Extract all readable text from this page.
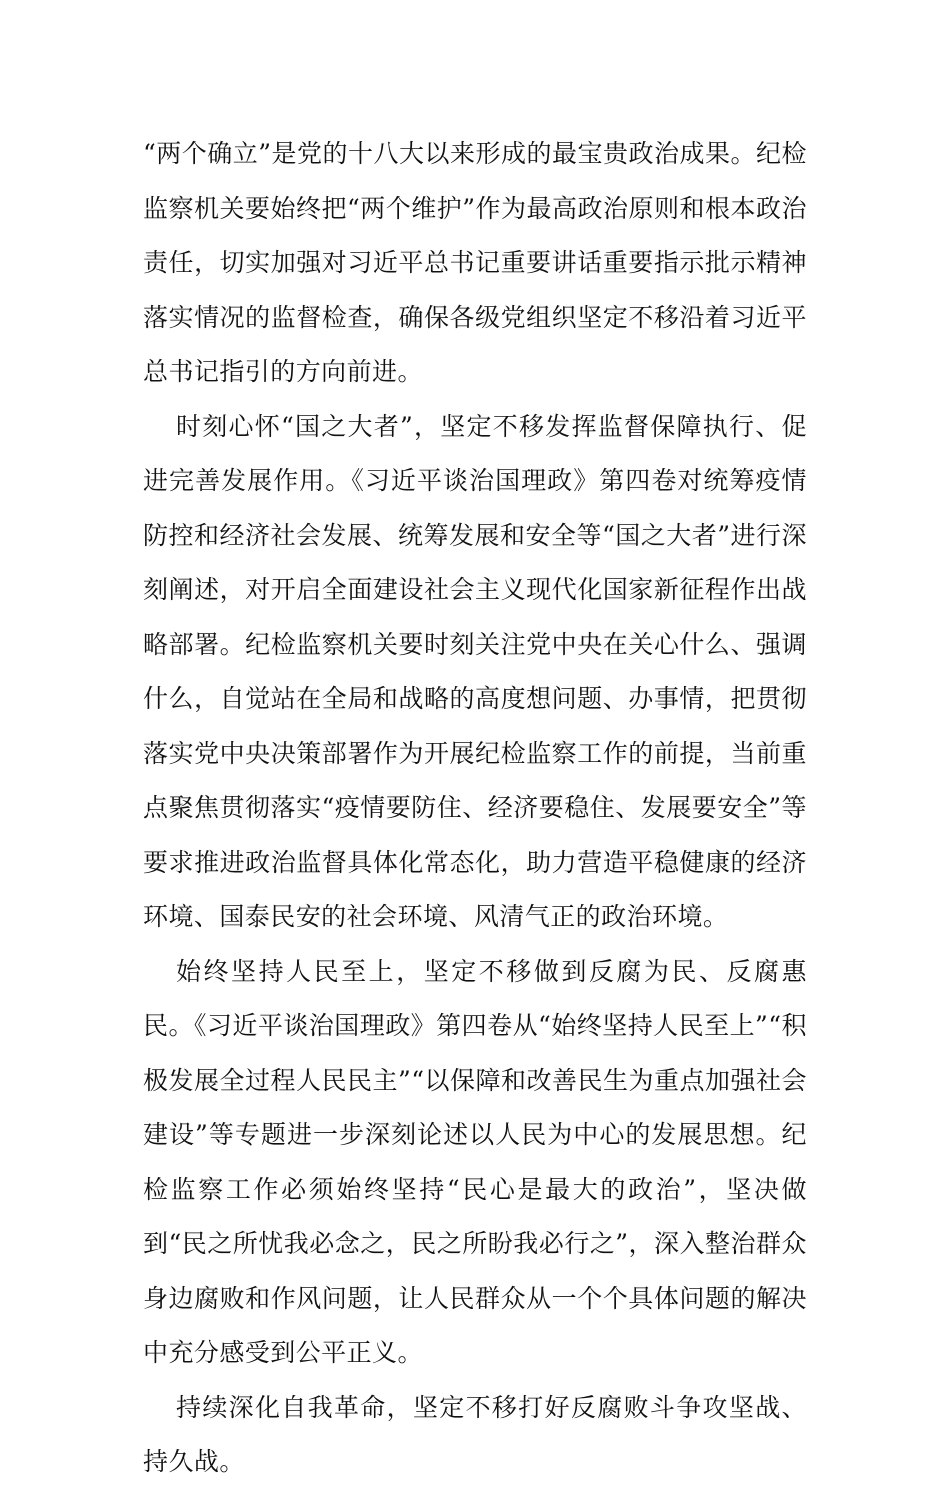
“两个确立”是党的十八大以来形成的最宝贵政治成果。纪检监察机关要始终把“两个维护”作为最高政治原则和根本政治责任，切实加强对习近平总书记重要讲话重要指示批示精神落实情况的监督检查，确保各级党组织坚定不移沿着习近平总书记指引的方向前进。

时刻心怀“国之大者”，坚定不移发挥监督保障执行、促进完善发展作用。《习近平谈治国理政》第四卷对统筹疫情防控和经济社会发展、统筹发展和安全等“国之大者”进行深刻阐述，对开启全面建设社会主义现代化国家新征程作出战略部署。纪检监察机关要时刻关注党中央在关心什么、强调什么，自觉站在全局和战略的高度想问题、办事情，把贯彻落实党中央决策部署作为开展纪检监察工作的前提，当前重点聚焦贯彻落实“疫情要防住、经济要稳住、发展要安全”等要求推进政治监督具体化常态化，助力营造平稳健康的经济环境、国泰民安的社会环境、风清气正的政治环境。

始终坚持人民至上，坚定不移做到反腐为民、反腐惠民。《习近平谈治国理政》第四卷从“始终坚持人民至上”“积极发展全过程人民民主”“以保障和改善民生为重点加强社会建设”等专题进一步深刻论述以人民为中心的发展思想。纪检监察工作必须始终坚持“民心是最大的政治”，坚决做到“民之所忧我必念之，民之所盼我必行之”，深入整治群众身边腐败和作风问题，让人民群众从一个个具体问题的解决中充分感受到公平正义。

持续深化自我革命，坚定不移打好反腐败斗争攻坚战、持久战。
